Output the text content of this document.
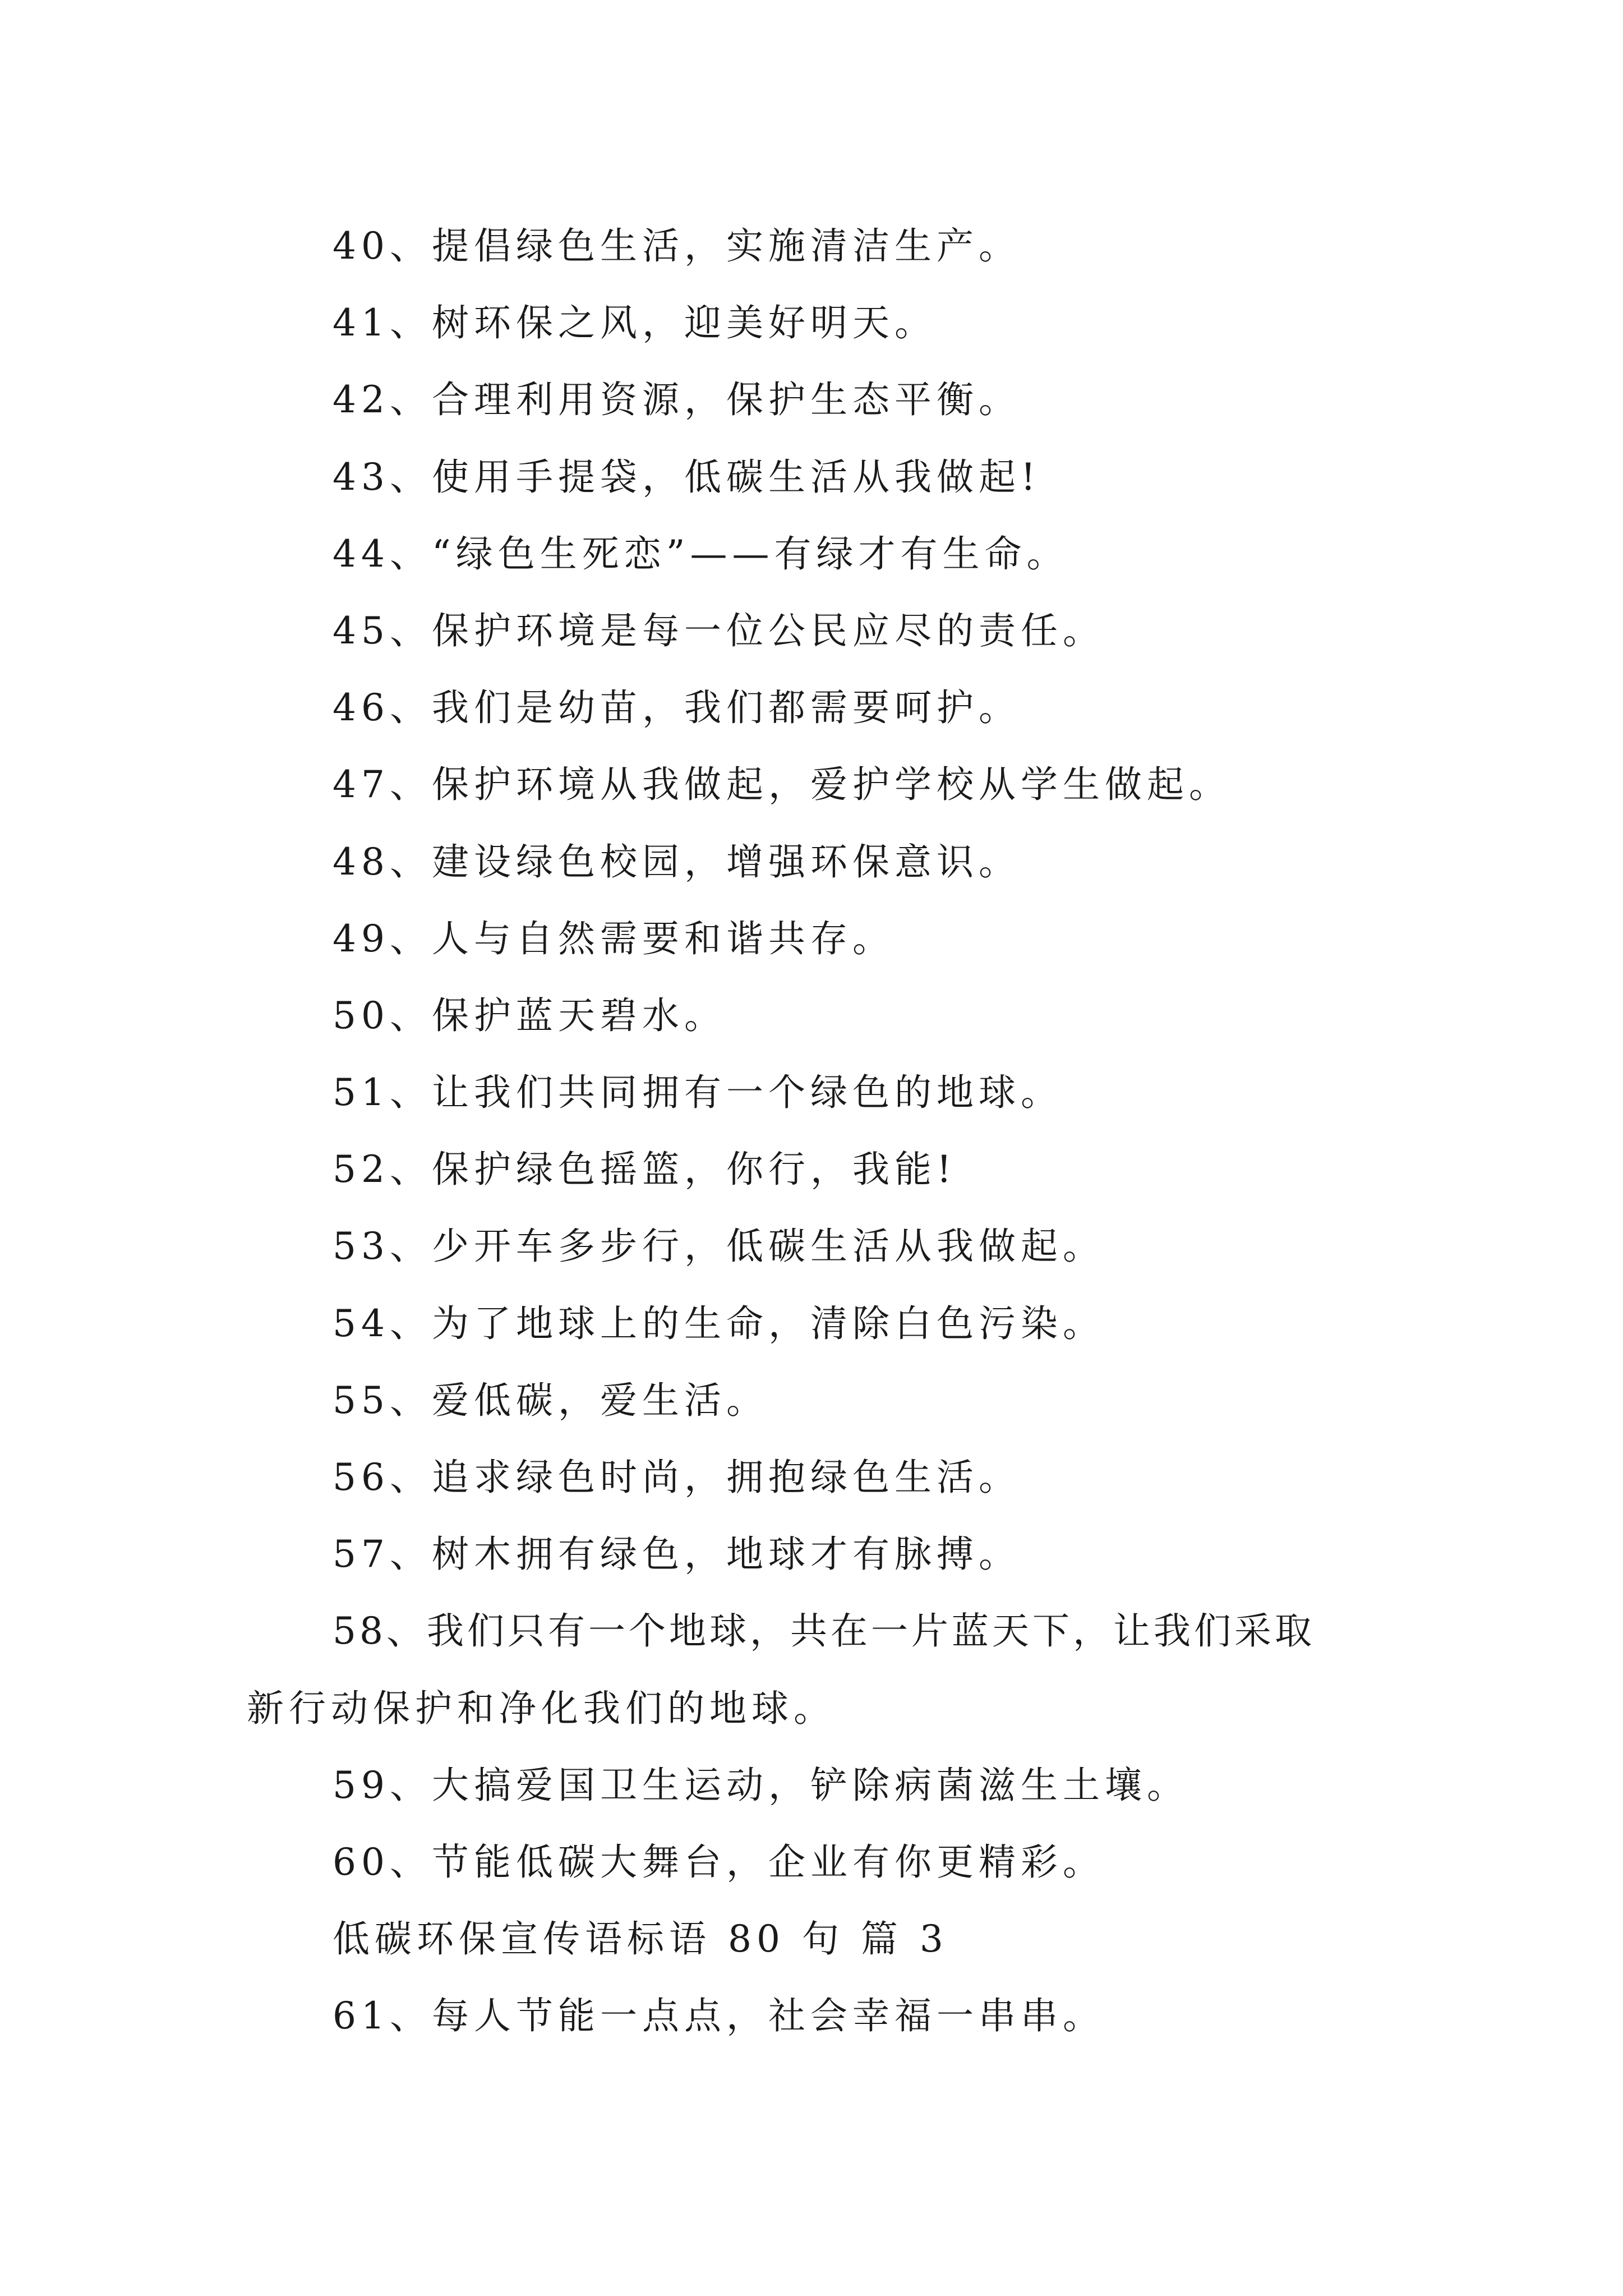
40、提倡绿色生活，实施清洁生产。
41、树环保之风，迎美好明天。
42、合理利用资源，保护生态平衡。
43、使用手提袋，低碳生活从我做起!
44、“绿色生死恋”——有绿才有生命。
45、保护环境是每一位公民应尽的责任。
46、我们是幼苗，我们都需要呵护。
47、保护环境从我做起，爱护学校从学生做起。
48、建设绿色校园，增强环保意识。
49、人与自然需要和谐共存。
50、保护蓝天碧水。
51、让我们共同拥有一个绿色的地球。
52、保护绿色摇篮，你行，我能!
53、少开车多步行，低碳生活从我做起。
54、为了地球上的生命，清除白色污染。
55、爱低碳，爱生活。
56、追求绿色时尚，拥抱绿色生活。
57、树木拥有绿色，地球才有脉搏。
58、我们只有一个地球，共在一片蓝天下，让我们采取
新行动保护和净化我们的地球。
59、大搞爱国卫生运动，铲除病菌滋生土壤。
60、节能低碳大舞台，企业有你更精彩。
低碳环保宣传语标语 80 句 篇 3
61、每人节能一点点，社会幸福一串串。
